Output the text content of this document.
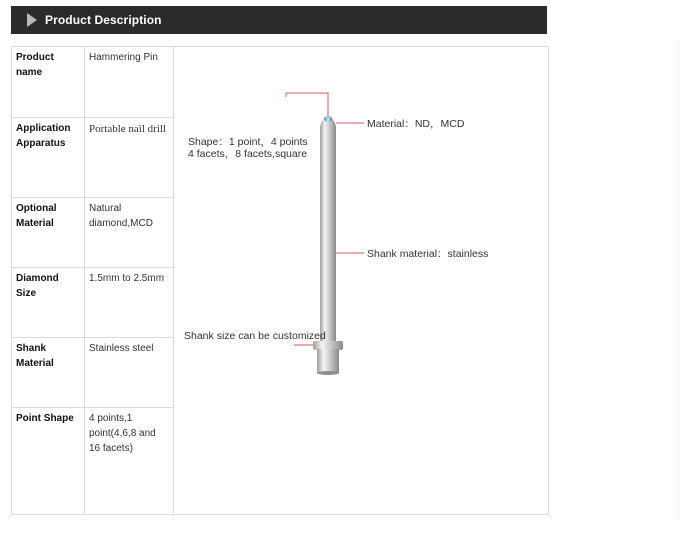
Product Description
Product name	Hammering Pin	Material：ND，MCD
Shape：1 point，4 points
4 facets，8 facets,square
Shank material：stainless
Shank size can be customized

Application Apparatus	Portable nail drill	
Optional Material	Natural diamond,MCD	
Diamond Size	1.5mm to 2.5mm	
Shank Material	Stainless steel	
Point Shape	4 points,1 point(4,6,8 and 16 facets)	
